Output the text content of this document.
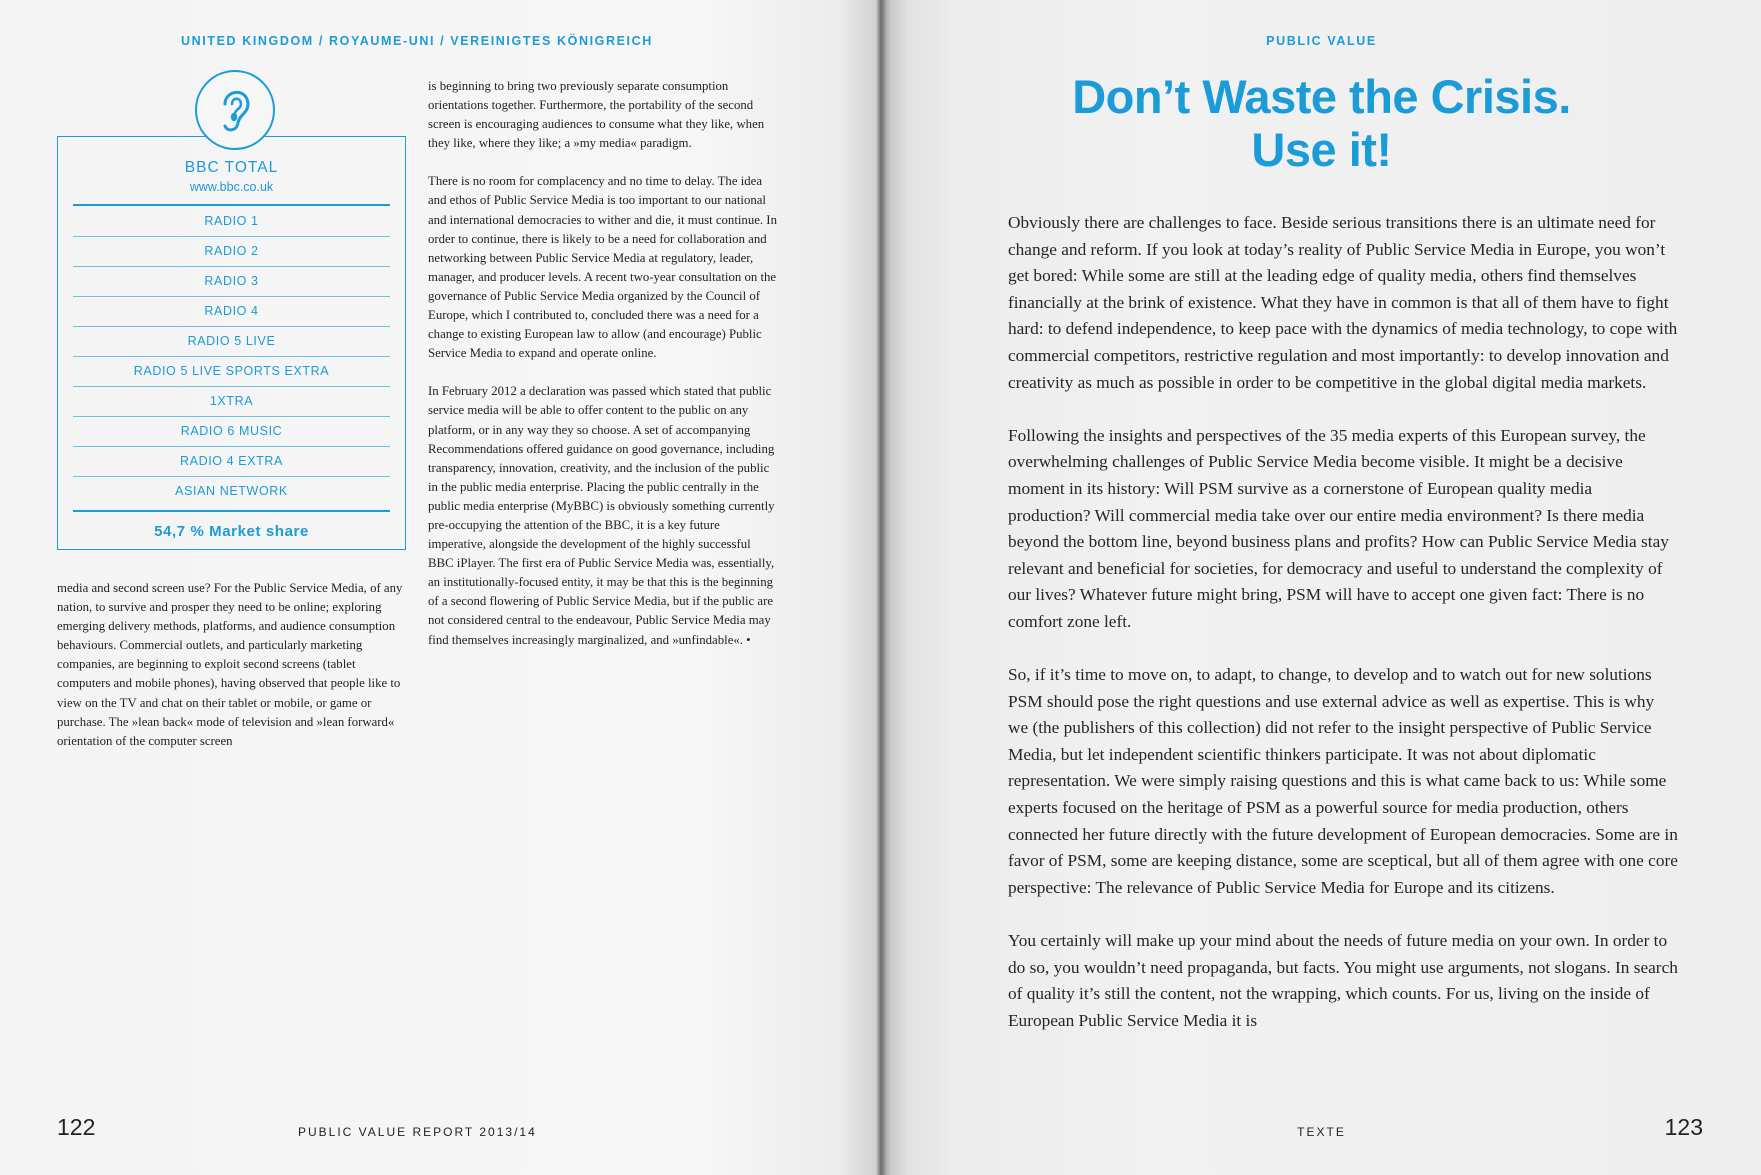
UNITED KINGDOM / ROYAUME-UNI / VEREINIGTES KÖNIGREICH
BBC TOTAL
www.bbc.co.uk
RADIO 1
RADIO 2
RADIO 3
RADIO 4
RADIO 5 LIVE
RADIO 5 LIVE SPORTS EXTRA
1XTRA
RADIO 6 MUSIC
RADIO 4 EXTRA
ASIAN NETWORK
54,7 % Market share

media and second screen use? For the Public Service Media, of any nation, to survive and prosper they need to be online; exploring emerging delivery methods, platforms, and audience consumption behaviours. Commercial outlets, and particularly marketing companies, are beginning to exploit second screens (tablet computers and mobile phones), having observed that people like to view on the TV and chat on their tablet or mobile, or game or purchase. The »lean back« mode of television and »lean forward« orientation of the computer screen

is beginning to bring two previously separate consumption orientations together. Furthermore, the portability of the second screen is encouraging audiences to consume what they like, when they like, where they like; a »my media« paradigm.

There is no room for complacency and no time to delay. The idea and ethos of Public Service Media is too important to our national and international democracies to wither and die, it must continue. In order to continue, there is likely to be a need for collaboration and networking between Public Service Media at regulatory, leader, manager, and producer levels. A recent two-year consultation on the governance of Public Service Media organized by the Council of Europe, which I contributed to, concluded there was a need for a change to existing European law to allow (and encourage) Public Service Media to expand and operate online.

In February 2012 a declaration was passed which stated that public service media will be able to offer content to the public on any platform, or in any way they so choose. A set of accompanying Recommendations offered guidance on good governance, including transparency, innovation, creativity, and the inclusion of the public in the public media enterprise. Placing the public centrally in the public media enterprise (MyBBC) is obviously something currently pre-occupying the attention of the BBC, it is a key future imperative, alongside the development of the highly successful BBC iPlayer. The first era of Public Service Media was, essentially, an institutionally-focused entity, it may be that this is the beginning of a second flowering of Public Service Media, but if the public are not considered central to the endeavour, Public Service Media may find themselves increasingly marginalized, and »unfindable«. •

122	PUBLIC VALUE REPORT 2013/14
PUBLIC VALUE
Don’t Waste the Crisis.
Use it!

Obviously there are challenges to face. Beside serious transitions there is an ultimate need for change and reform. If you look at today’s reality of Public Service Media in Europe, you won’t get bored: While some are still at the leading edge of quality media, others find themselves financially at the brink of existence. What they have in common is that all of them have to fight hard: to defend independence, to keep pace with the dynamics of media technology, to cope with commercial competitors, restrictive regulation and most importantly: to develop innovation and creativity as much as possible in order to be competitive in the global digital media markets.

Following the insights and perspectives of the 35 media experts of this European survey, the overwhelming challenges of Public Service Media become visible. It might be a decisive moment in its history: Will PSM survive as a cornerstone of European quality media production? Will commercial media take over our entire media environment? Is there media beyond the bottom line, beyond business plans and profits? How can Public Service Media stay relevant and beneficial for societies, for democracy and useful to understand the complexity of our lives? Whatever future might bring, PSM will have to accept one given fact: There is no comfort zone left.

So, if it’s time to move on, to adapt, to change, to develop and to watch out for new solutions PSM should pose the right questions and use external advice as well as expertise. This is why we (the publishers of this collection) did not refer to the insight perspective of Public Service Media, but let independent scientific thinkers participate. It was not about diplomatic representation. We were simply raising questions and this is what came back to us: While some experts focused on the heritage of PSM as a powerful source for media production, others connected her future directly with the future development of European democracies. Some are in favor of PSM, some are keeping distance, some are sceptical, but all of them agree with one core perspective: The relevance of Public Service Media for Europe and its citizens.

You certainly will make up your mind about the needs of future media on your own. In order to do so, you wouldn’t need propaganda, but facts. You might use arguments, not slogans. In search of quality it’s still the content, not the wrapping, which counts. For us, living on the inside of European Public Service Media it is

TEXTE	123
